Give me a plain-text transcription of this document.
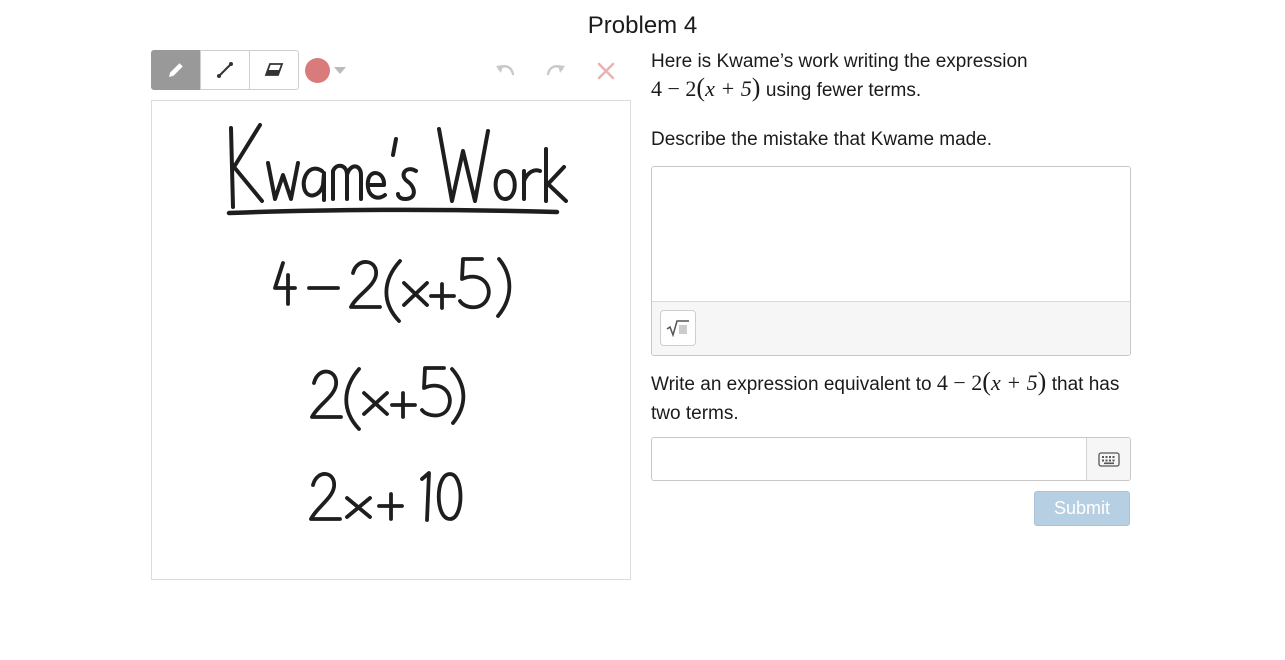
Problem 4
Here is Kwame’s work writing the expression
4 − 2(x + 5) using fewer terms.
Describe the mistake that Kwame made.
Write an expression equivalent to 4 − 2(x + 5) that has two terms.
Submit
